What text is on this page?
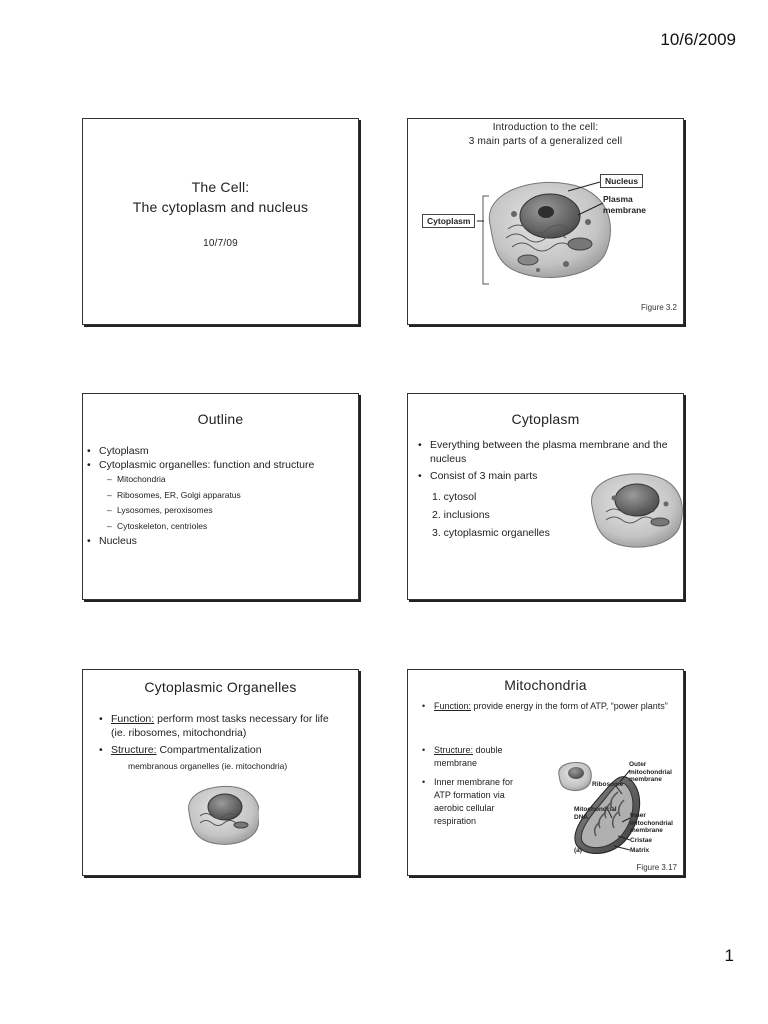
10/6/2009
The Cell:
The cytoplasm and nucleus
10/7/09
Introduction to the cell:
3 main parts of a generalized cell
Nucleus
Plasma
membrane
Cytoplasm
Figure 3.2
Outline
• Cytoplasm
• Cytoplasmic organelles: function and structure
– Mitochondria
– Ribosomes, ER, Golgi apparatus
– Lysosomes, peroxisomes
– Cytoskeleton, centrioles
• Nucleus
Cytoplasm
• Everything between the plasma membrane and the nucleus
• Consist of 3 main parts
1. cytosol
2. inclusions
3. cytoplasmic organelles
Cytoplasmic Organelles
• Function: perform most tasks necessary for life (ie. ribosomes, mitochondria)
• Structure: Compartmentalization
membranous organelles (ie. mitochondria)
Mitochondria
• Function: provide energy in the form of ATP, “power plants”
• Structure: double membrane
• Inner membrane for ATP formation via aerobic cellular respiration
Outer
mitochondrial
membrane
Ribosome
Mitochondrial
DNA	Inner
mitochondrial
membrane
Cristae
Matrix
(a)
Figure 3.17
1
